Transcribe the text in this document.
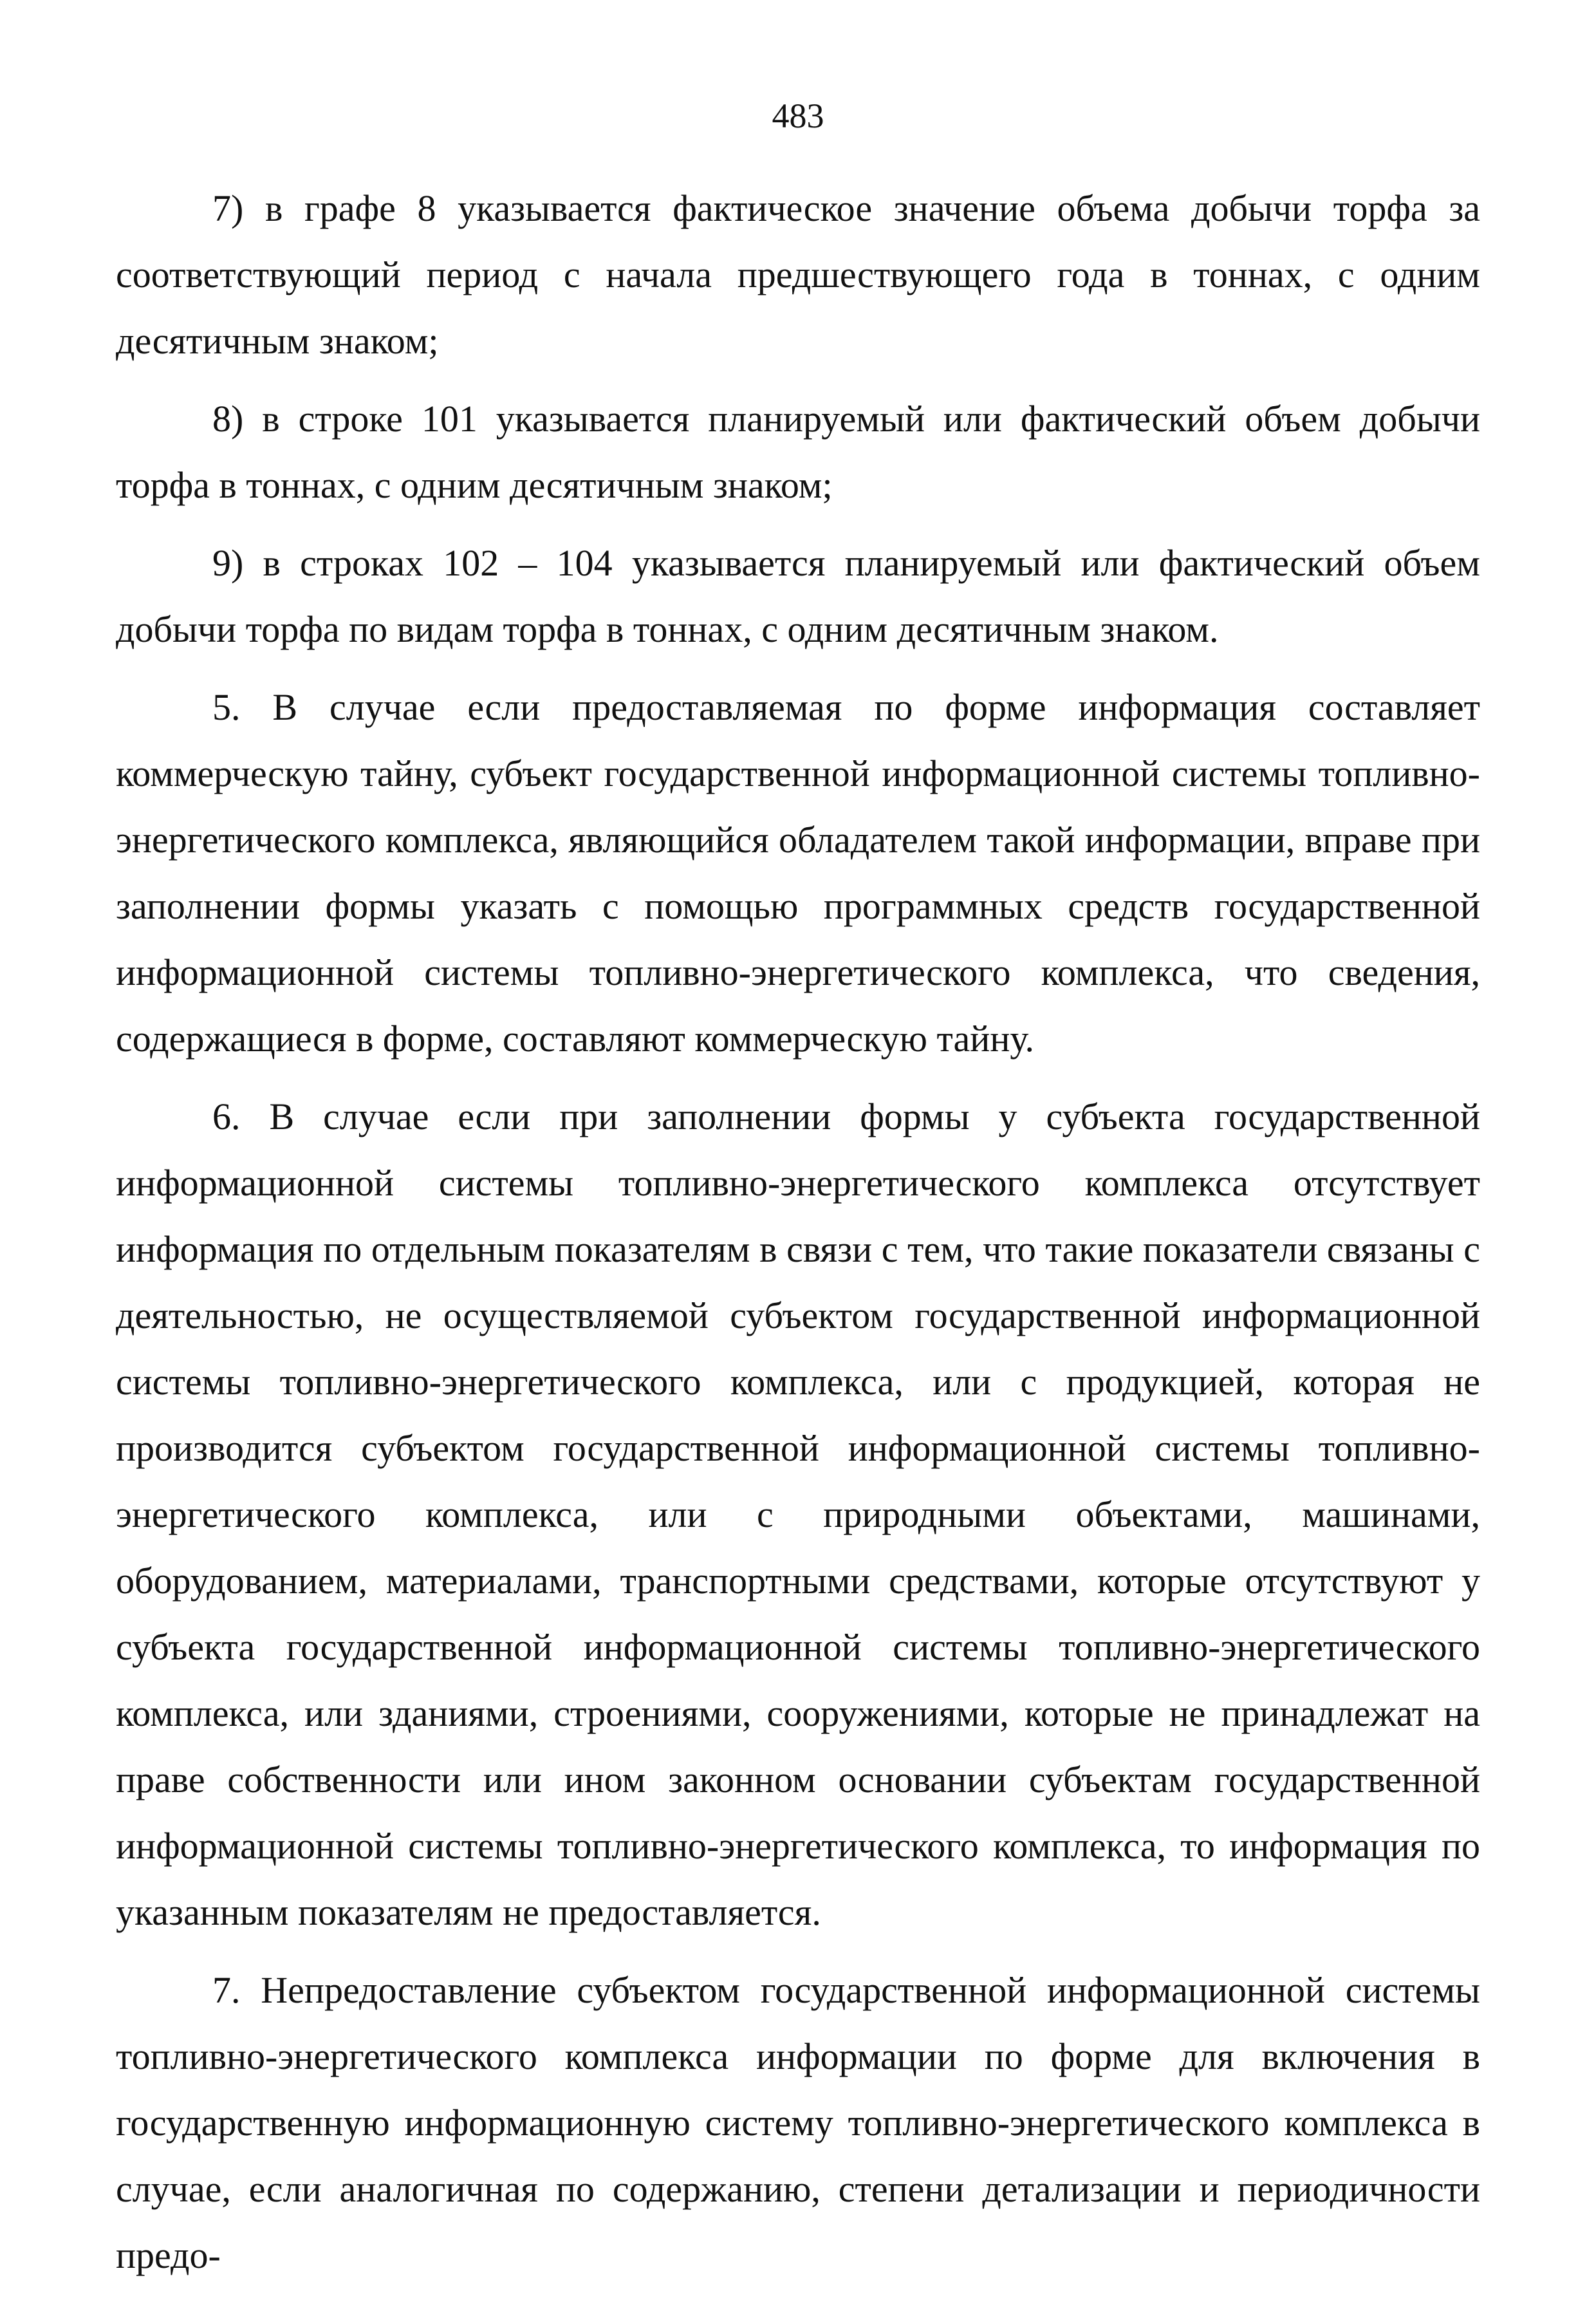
483

7) в графе 8 указывается фактическое значение объема добычи торфа за соответствующий период с начала предшествующего года в тоннах, с одним десятичным знаком;

8) в строке 101 указывается планируемый или фактический объем добычи торфа в тоннах, с одним десятичным знаком;

9) в строках 102 – 104 указывается планируемый или фактический объем добычи торфа по видам торфа в тоннах, с одним десятичным знаком.

5. В случае если предоставляемая по форме информация составляет коммерческую тайну, субъект государственной информационной системы топливно-энергетического комплекса, являющийся обладателем такой информации, вправе при заполнении формы указать с помощью программных средств государственной информационной системы топливно-энергетического комплекса, что сведения, содержащиеся в форме, составляют коммерческую тайну.

6. В случае если при заполнении формы у субъекта государственной информационной системы топливно-энергетического комплекса отсутствует информация по отдельным показателям в связи с тем, что такие показатели связаны с деятельностью, не осуществляемой субъектом государственной информационной системы топливно-энергетического комплекса, или с продукцией, которая не производится субъектом государственной информационной системы топливно-энергетического комплекса, или с природными объектами, машинами, оборудованием, материалами, транспортными средствами, которые отсутствуют у субъекта государственной информационной системы топливно-энергетического комплекса, или зданиями, строениями, сооружениями, которые не принадлежат на праве собственности или ином законном основании субъектам государственной информационной системы топливно-энергетического комплекса, то информация по указанным показателям не предоставляется.

7. Непредоставление субъектом государственной информационной системы топливно-энергетического комплекса информации по форме для включения в государственную информационную систему топливно-энергетического комплекса в случае, если аналогичная по содержанию, степени детализации и периодичности предо-
